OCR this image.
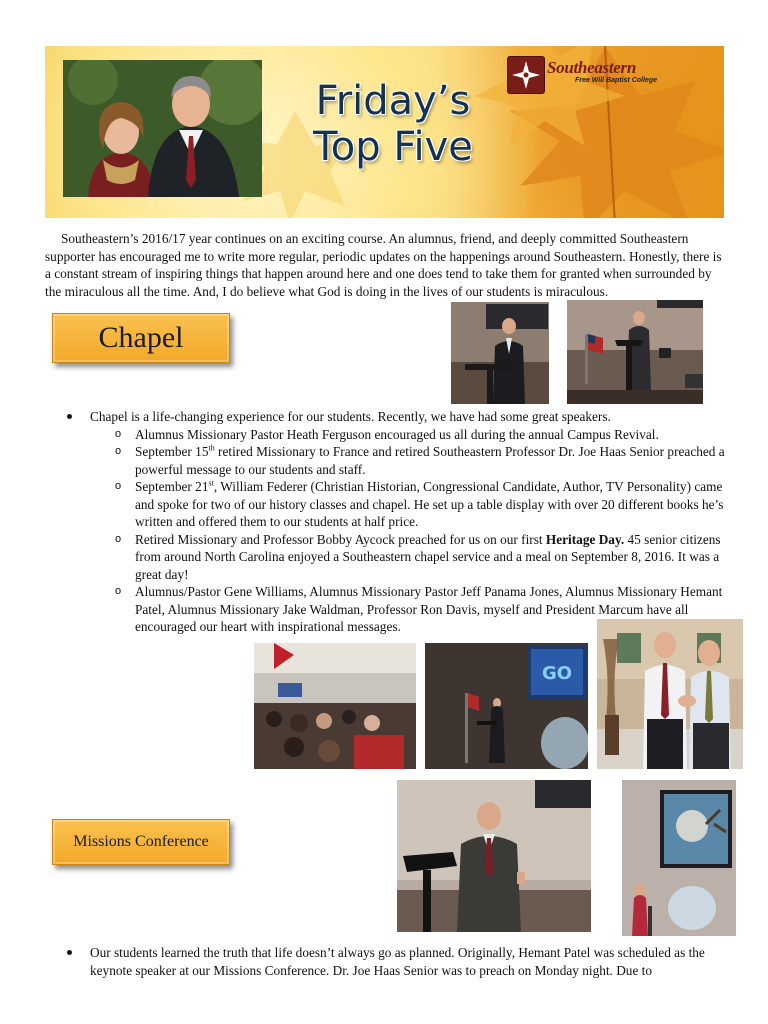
Friday’s
Top Five
Southeastern
Free Will Baptist College
Southeastern’s 2016/17 year continues on an exciting course. An alumnus, friend, and deeply committed Southeastern supporter has encouraged me to write more regular, periodic updates on the happenings around Southeastern. Honestly, there is a constant stream of inspiring things that happen around here and one does tend to take them for granted when surrounded by the miraculous all the time. And, I do believe what God is doing in the lives of our students is miraculous.
Chapel
Chapel is a life-changing experience for our students. Recently, we have had some great speakers.
o Alumnus Missionary Pastor Heath Ferguson encouraged us all during the annual Campus Revival.
o September 15th retired Missionary to France and retired Southeastern Professor Dr. Joe Haas Senior preached a powerful message to our students and staff.
o September 21st, William Federer (Christian Historian, Congressional Candidate, Author, TV Personality) came and spoke for two of our history classes and chapel. He set up a table display with over 20 different books he’s written and offered them to our students at half price.
o Retired Missionary and Professor Bobby Aycock preached for us on our first Heritage Day. 45 senior citizens from around North Carolina enjoyed a Southeastern chapel service and a meal on September 8, 2016. It was a great day!
o Alumnus/Pastor Gene Williams, Alumnus Missionary Pastor Jeff Panama Jones, Alumnus Missionary Hemant Patel, Alumnus Missionary Jake Waldman, Professor Ron Davis, myself and President Marcum have all encouraged our heart with inspirational messages.
GO
Missions Conference
Our students learned the truth that life doesn’t always go as planned. Originally, Hemant Patel was scheduled as the keynote speaker at our Missions Conference. Dr. Joe Haas Senior was to preach on Monday night. Due to
